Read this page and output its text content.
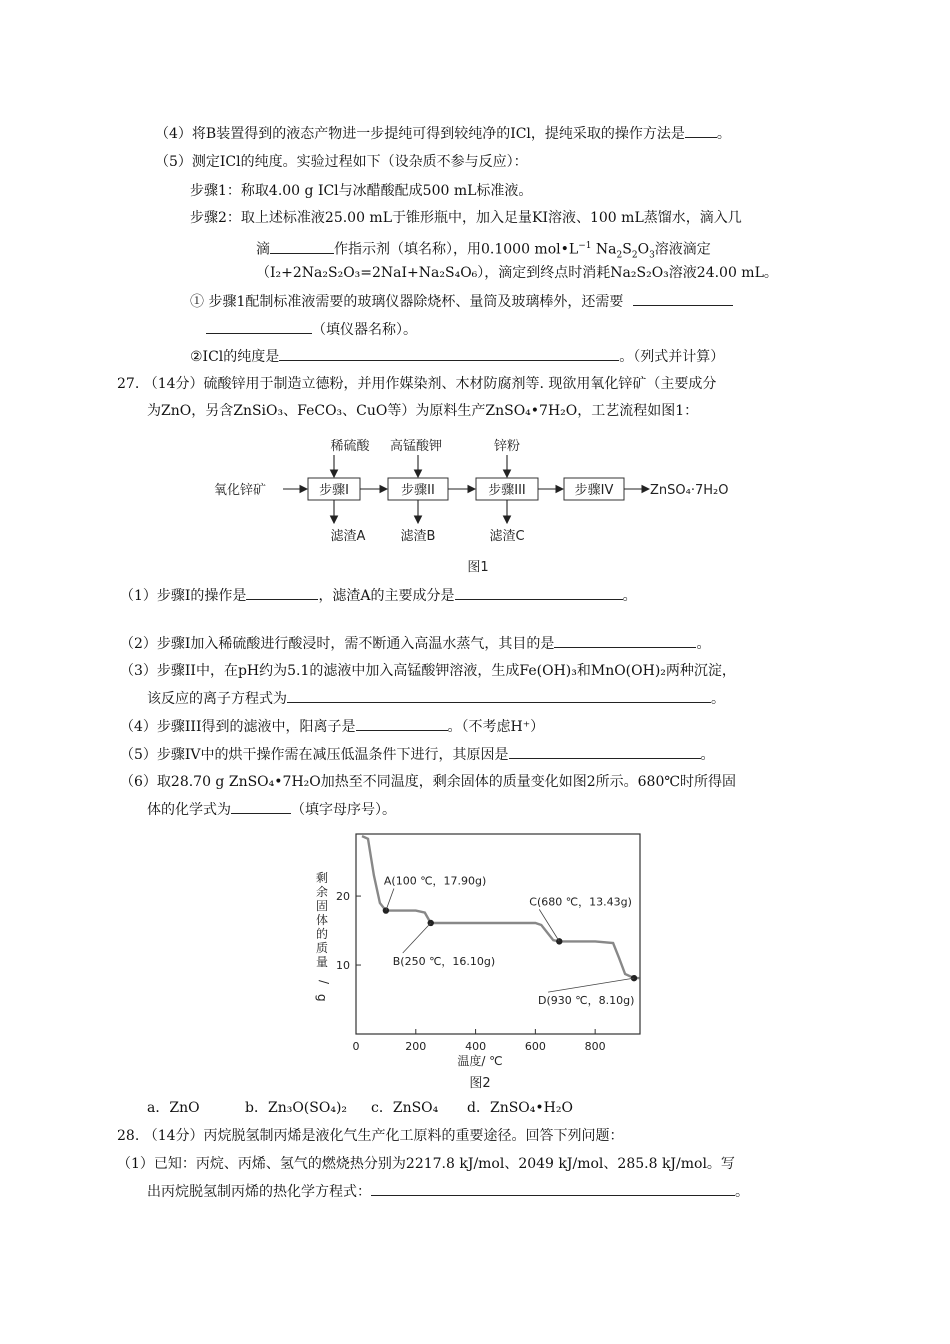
（4）将B装置得到的液态产物进一步提纯可得到较纯净的ICl，提纯采取的操作方法是 。
（5）测定ICl的纯度。实验过程如下（设杂质不参与反应）：
步骤1：称取4.00 g ICl与冰醋酸配成500 mL标准液。
步骤2：取上述标准液25.00 mL于锥形瓶中，加入足量KI溶液、100 mL蒸馏水，滴入几
滴	作指示剂（填名称），用0.1000 $mol•L^{-1}$ $Na_2S_2O_3$溶液滴定
（I₂+2Na₂S₂O₃=2NaI+Na₂S₄O₆），滴定到终点时消耗Na₂S₂O₃溶液24.00 mL。
① 步骤1配制标准液需要的玻璃仪器除烧杯、量筒及玻璃棒外，还需要
（填仪器名称）。
②ICl的纯度是	。（列式并计算）
27. （14分）硫酸锌用于制造立德粉，并用作媒染剂、木材防腐剂等. 现欲用氧化锌矿（主要成分
为ZnO，另含ZnSiO₃、FeCO₃、CuO等）为原料生产ZnSO₄•7H₂O，工艺流程如图1：
稀硫酸 高锰酸钾	锌粉
氧化锌矿	步骤I	步骤II	步骤III	步骤IV	ZnSO₄·7H₂O
滤渣A	滤渣B	滤渣C
图1
（1）步骤I的操作是	，滤渣A的主要成分是	。
（2）步骤I加入稀硫酸进行酸浸时，需不断通入高温水蒸气，其目的是	。
（3）步骤II中，在pH约为5.1的滤液中加入高锰酸钾溶液，生成Fe(OH)₃和MnO(OH)₂两种沉淀，
该反应的离子方程式为	。
（4）步骤III得到的滤液中，阳离子是	。（不考虑H⁺）
（5）步骤IV中的烘干操作需在减压低温条件下进行，其原因是	。
（6）取28.70 g ZnSO₄•7H₂O加热至不同温度，剩余固体的质量变化如图2所示。680℃时所得固
体的化学式为	（填字母序号）。
0	200	400	600	800
10
20
A(100 ℃，17.90g)
B(250 ℃，16.10g)
C(680 ℃，13.43g)
D(930 ℃，8.10g)
温度/ ℃
图2
剩余固体的质量/ g
a．ZnO	b．Zn₃O(SO₄)₂ c．ZnSO₄ d．ZnSO₄•H₂O
28. （14分）丙烷脱氢制丙烯是液化气生产化工原料的重要途径。回答下列问题：
（1）已知：丙烷、丙烯、氢气的燃烧热分别为2217.8 kJ/mol、2049 kJ/mol、285.8 kJ/mol。写
出丙烷脱氢制丙烯的热化学方程式：	。
